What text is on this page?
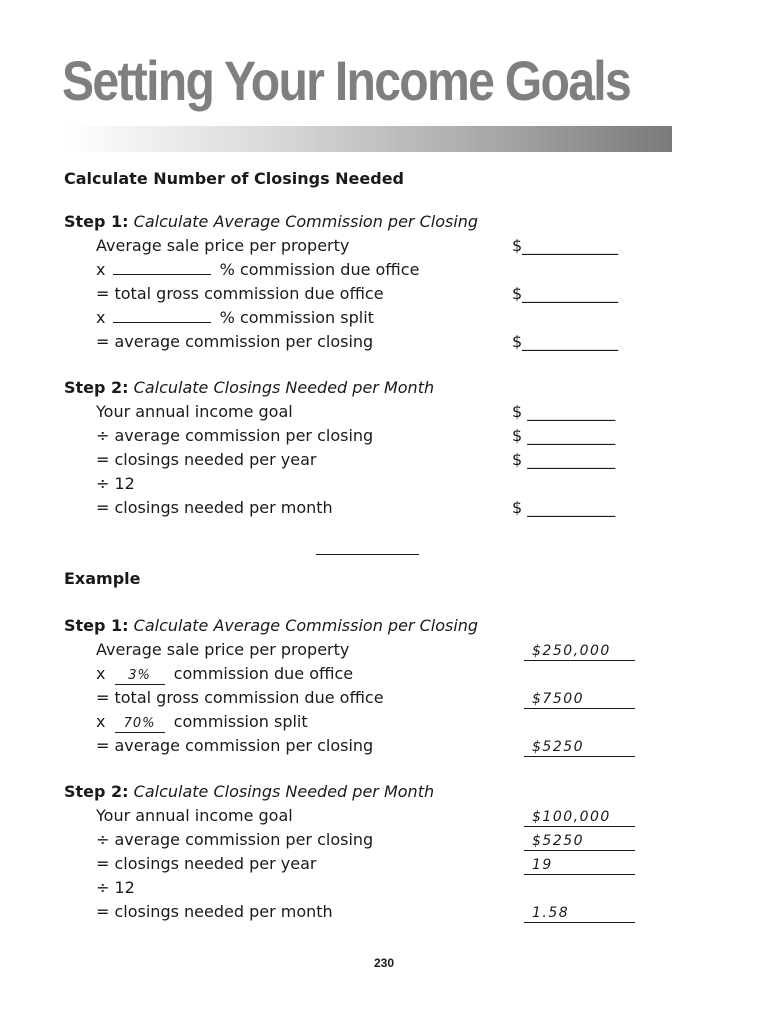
Setting Your Income Goals
Calculate Number of Closings Needed
Step 1: Calculate Average Commission per Closing
Average sale price per property	$____________
x	% commission due office
= total gross commission due office	$____________
x	% commission split
= average commission per closing	$____________
Step 2: Calculate Closings Needed per Month
Your annual income goal	$ ___________
÷ average commission per closing	$ ___________
= closings needed per year	$ ___________
÷ 12
= closings needed per month	$ ___________
Example
Step 1: Calculate Average Commission per Closing
Average sale price per property	$250,000
x 3% commission due office
= total gross commission due office	$7500
x 70% commission split
= average commission per closing	$5250
Step 2: Calculate Closings Needed per Month
Your annual income goal	$100,000
÷ average commission per closing	$5250
= closings needed per year	19
÷ 12
= closings needed per month	1.58
230
